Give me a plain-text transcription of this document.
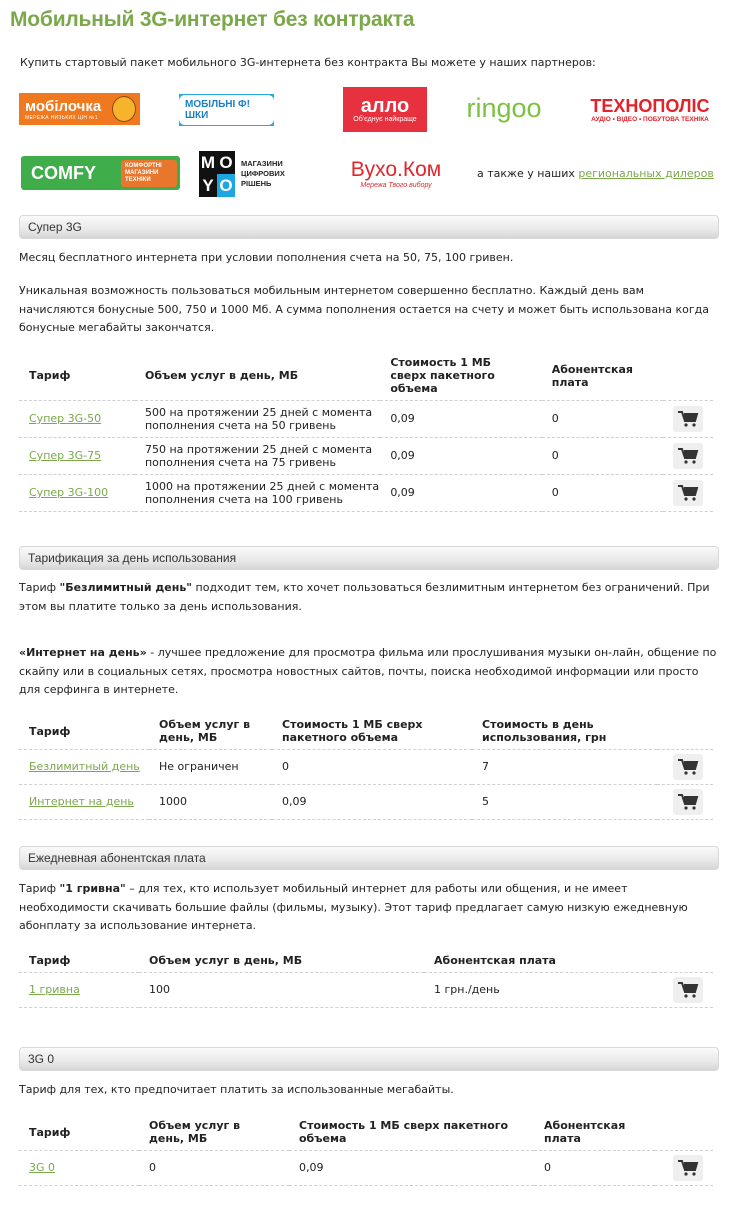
Мобильный 3G-интернет без контракта

Купить стартовый пакет мобильного 3G-интернета без контракта Вы можете у наших партнеров:

мобілочка
МЕРЕЖА НИЗЬКИХ ЦІН №1
МОБІЛЬНІ Ф!ШКИ	алло
Об'єднує найкраще ringoo	ТЕХНОПОЛІС
АУДІО • ВІДЕО • ПОБУТОВА ТЕХНІКА
COMFY	КОМФОРТНІ МАГАЗИНИ ТЕХНІКИ
M O
Y O
МАГАЗИНИ ЦИФРОВИХ РІШЕНЬ
Вухо.Ком
Мережа Твого вибору
а также у наших региональных дилеров
Супер 3G

Месяц бесплатного интернета при условии пополнения счета на 50, 75, 100 гривен.

Уникальная возможность пользоваться мобильным интернетом совершенно бесплатно. Каждый день вам начисляются бонусные 500, 750 и 1000 Мб. А сумма пополнения остается на счету и может быть использована когда бонусные мегабайты закончатся.

Тариф	Объем услуг в день, МБ	Стоимость 1 МБ сверх пакетного объема	Абонентская плата	
Супер 3G-50	500 на протяжении 25 дней с момента пополнения счета на 50 гривень	0,09	0	

Супер 3G-75	750 на протяжении 25 дней с момента пополнения счета на 75 гривень	0,09	0	

Супер 3G-100	1000 на протяжении 25 дней с момента пополнения счета на 100 гривень	0,09	0	
Тарификация за день использования

Тариф "Безлимитный день" подходит тем, кто хочет пользоваться безлимитным интернетом без ограничений. При этом вы платите только за день использования.

«Интернет на день» - лучшее предложение для просмотра фильма или прослушивания музыки он-лайн, общение по скайпу или в социальных сетях, просмотра новостных сайтов, почты, поиска необходимой информации или просто для серфинга в интернете.

Тариф	Объем услуг в день, МБ	Стоимость 1 МБ сверх пакетного объема	Стоимость в день использования, грн	
Безлимитный день	Не ограничен	0	7	

Интернет на день	1000	0,09	5	
Ежедневная абонентская плата

Тариф "1 гривна" – для тех, кто использует мобильный интернет для работы или общения, и не имеет необходимости скачивать большие файлы (фильмы, музыку). Этот тариф предлагает самую низкую ежедневную абонплату за использование интернета.

Тариф	Объем услуг в день, МБ	Абонентская плата	
1 гривна	100	1 грн./день	
3G 0

Тариф для тех, кто предпочитает платить за использованные мегабайты.

Тариф	Объем услуг в день, МБ	Стоимость 1 МБ сверх пакетного объема	Абонентская плата	
3G 0	0	0,09	0	
